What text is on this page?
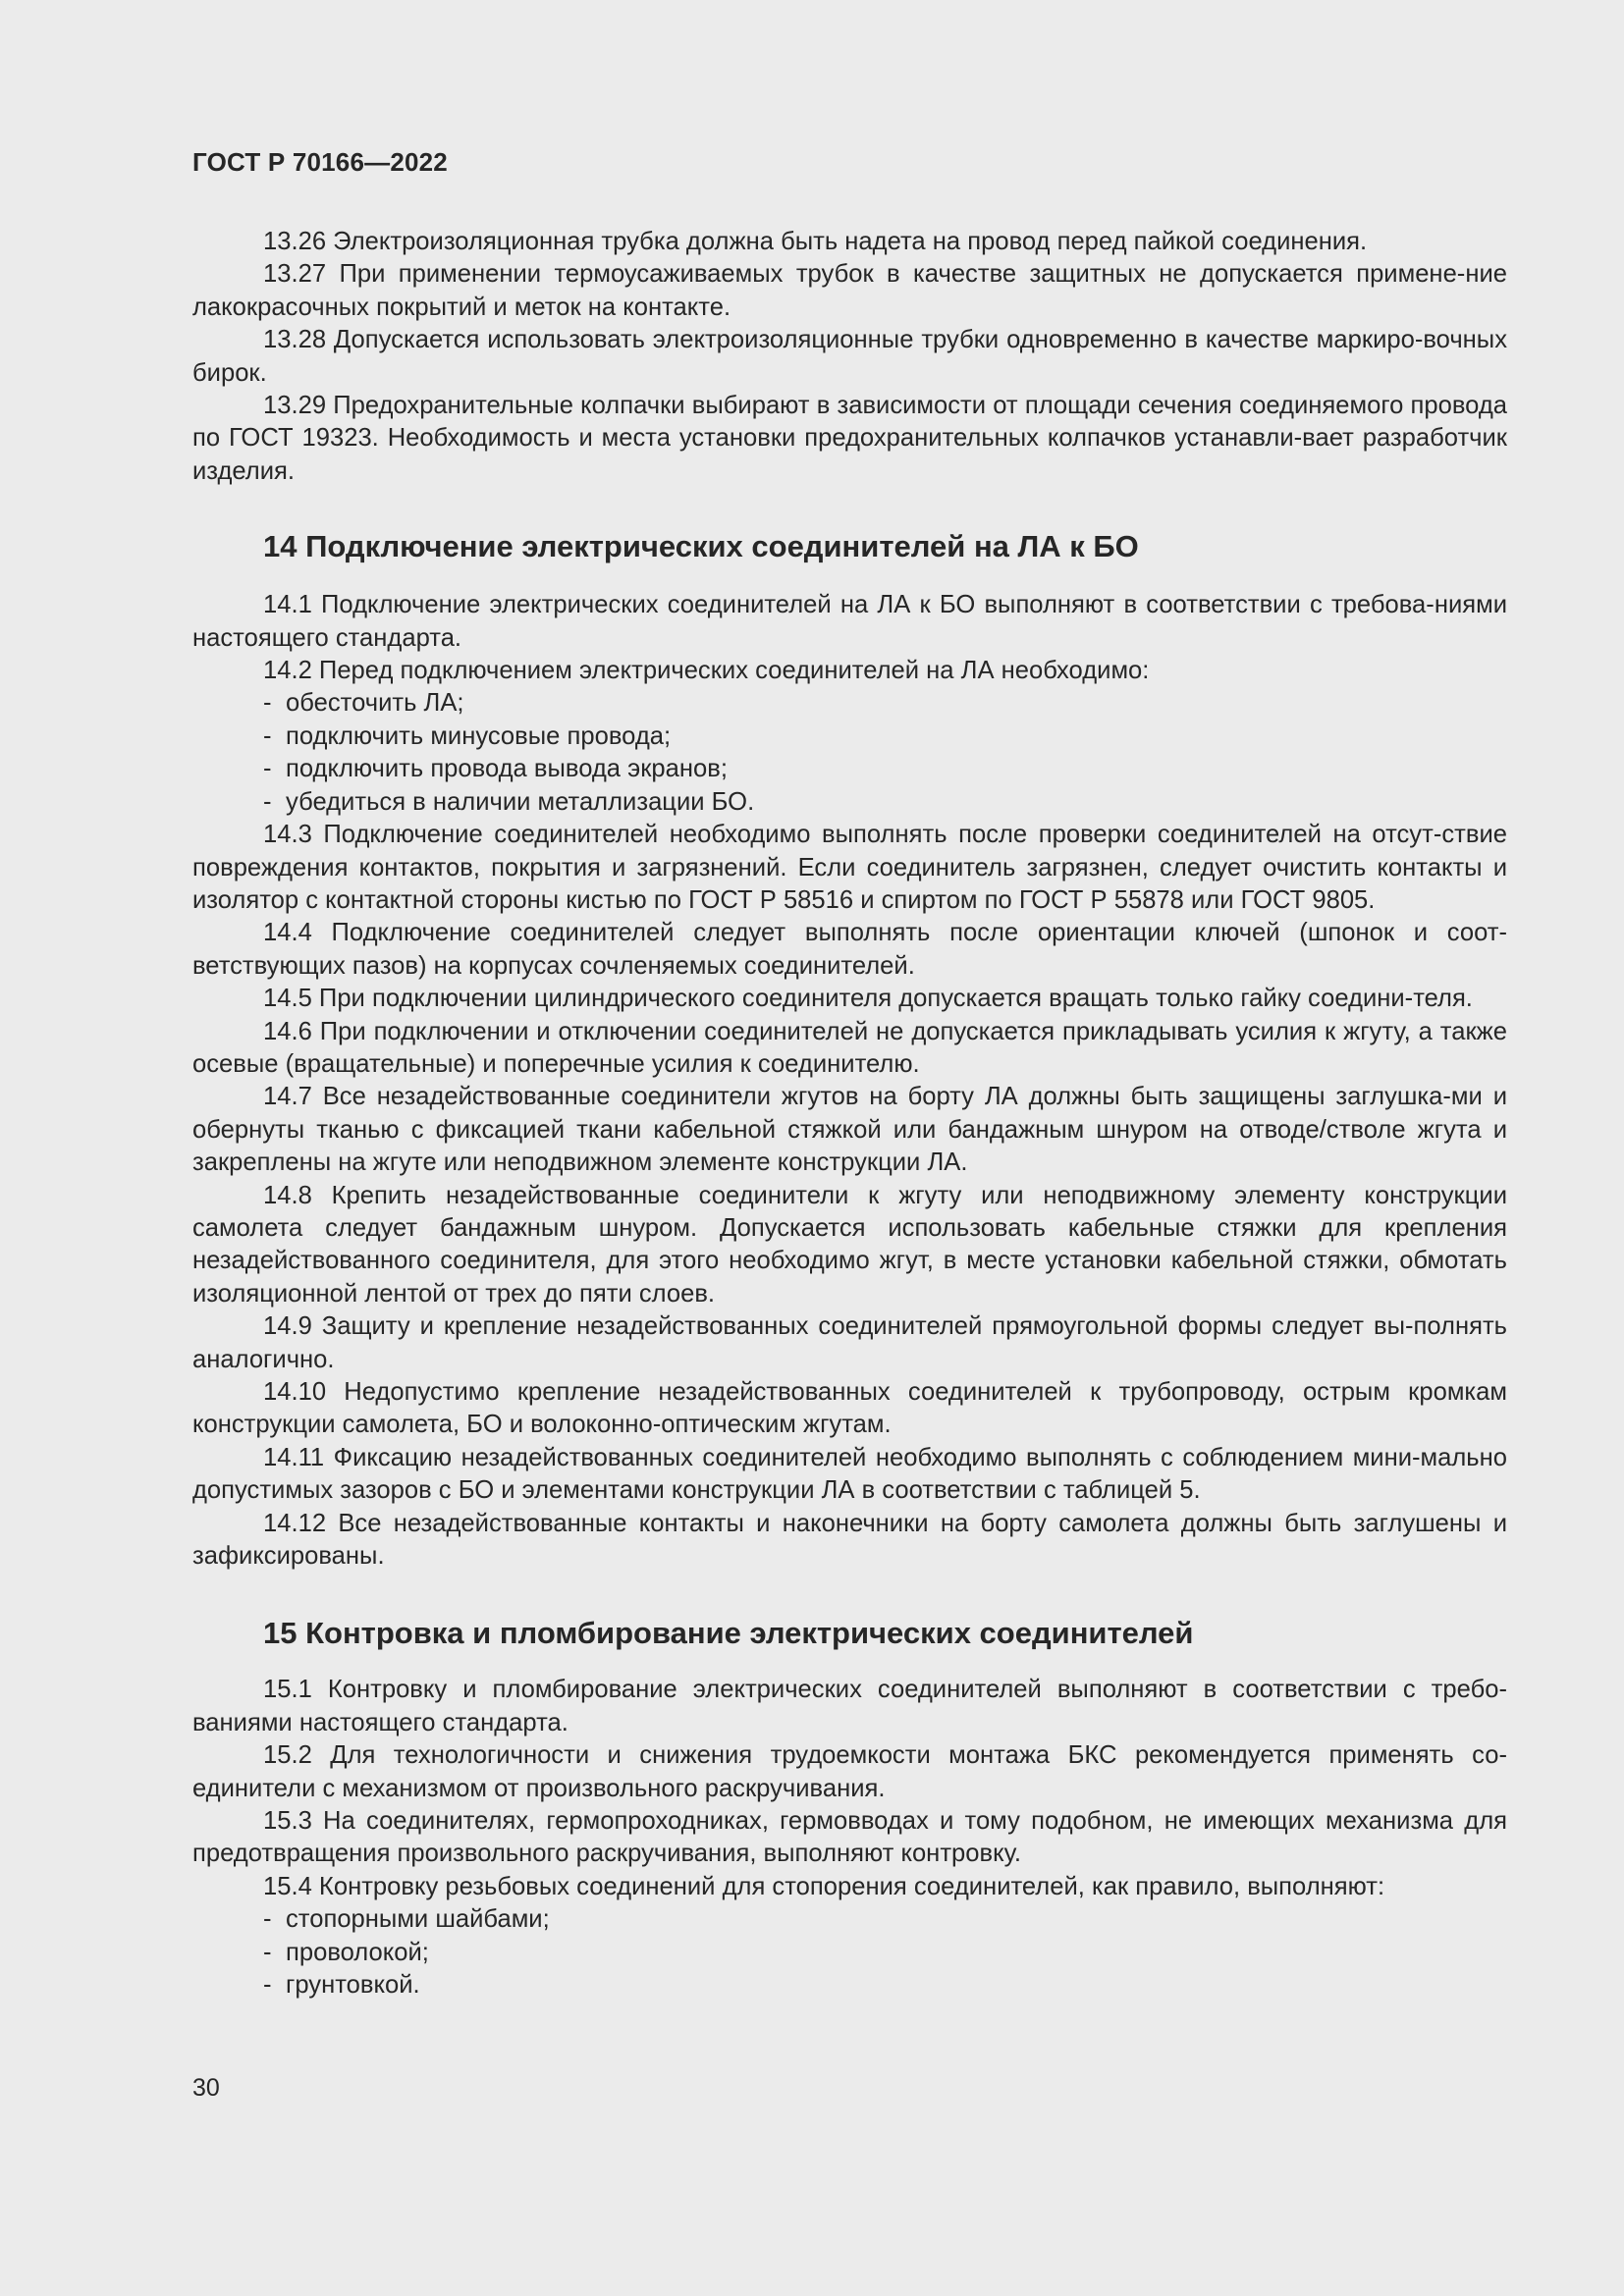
ГОСТ Р 70166—2022

13.26 Электроизоляционная трубка должна быть надета на провод перед пайкой соединения.

13.27 При применении термоусаживаемых трубок в качестве защитных не допускается примене-ние лакокрасочных покрытий и меток на контакте.

13.28 Допускается использовать электроизоляционные трубки одновременно в качестве маркиро-вочных бирок.

13.29 Предохранительные колпачки выбирают в зависимости от площади сечения соединяемого провода по ГОСТ 19323. Необходимость и места установки предохранительных колпачков устанавли-вает разработчик изделия.

14 Подключение электрических соединителей на ЛА к БО

14.1 Подключение электрических соединителей на ЛА к БО выполняют в соответствии с требова-ниями настоящего стандарта.

14.2 Перед подключением электрических соединителей на ЛА необходимо:

- обесточить ЛА;
- подключить минусовые провода;
- подключить провода вывода экранов;
- убедиться в наличии металлизации БО.

14.3 Подключение соединителей необходимо выполнять после проверки соединителей на отсут-ствие повреждения контактов, покрытия и загрязнений. Если соединитель загрязнен, следует очистить контакты и изолятор с контактной стороны кистью по ГОСТ Р 58516 и спиртом по ГОСТ Р 55878 или ГОСТ 9805.

14.4 Подключение соединителей следует выполнять после ориентации ключей (шпонок и соот-ветствующих пазов) на корпусах сочленяемых соединителей.

14.5 При подключении цилиндрического соединителя допускается вращать только гайку соедини-теля.

14.6 При подключении и отключении соединителей не допускается прикладывать усилия к жгуту, а также осевые (вращательные) и поперечные усилия к соединителю.

14.7 Все незадействованные соединители жгутов на борту ЛА должны быть защищены заглушка-ми и обернуты тканью с фиксацией ткани кабельной стяжкой или бандажным шнуром на отводе/стволе жгута и закреплены на жгуте или неподвижном элементе конструкции ЛА.

14.8 Крепить незадействованные соединители к жгуту или неподвижному элементу конструкции самолета следует бандажным шнуром. Допускается использовать кабельные стяжки для крепления незадействованного соединителя, для этого необходимо жгут, в месте установки кабельной стяжки, обмотать изоляционной лентой от трех до пяти слоев.

14.9 Защиту и крепление незадействованных соединителей прямоугольной формы следует вы-полнять аналогично.

14.10 Недопустимо крепление незадействованных соединителей к трубопроводу, острым кромкам конструкции самолета, БО и волоконно-оптическим жгутам.

14.11 Фиксацию незадействованных соединителей необходимо выполнять с соблюдением мини-мально допустимых зазоров с БО и элементами конструкции ЛА в соответствии с таблицей 5.

14.12 Все незадействованные контакты и наконечники на борту самолета должны быть заглушены и зафиксированы.

15 Контровка и пломбирование электрических соединителей

15.1 Контровку и пломбирование электрических соединителей выполняют в соответствии с требо-ваниями настоящего стандарта.

15.2 Для технологичности и снижения трудоемкости монтажа БКС рекомендуется применять со-единители с механизмом от произвольного раскручивания.

15.3 На соединителях, гермопроходниках, гермовводах и тому подобном, не имеющих механизма для предотвращения произвольного раскручивания, выполняют контровку.

15.4 Контровку резьбовых соединений для стопорения соединителей, как правило, выполняют:

- стопорными шайбами;
- проволокой;
- грунтовкой.
30
